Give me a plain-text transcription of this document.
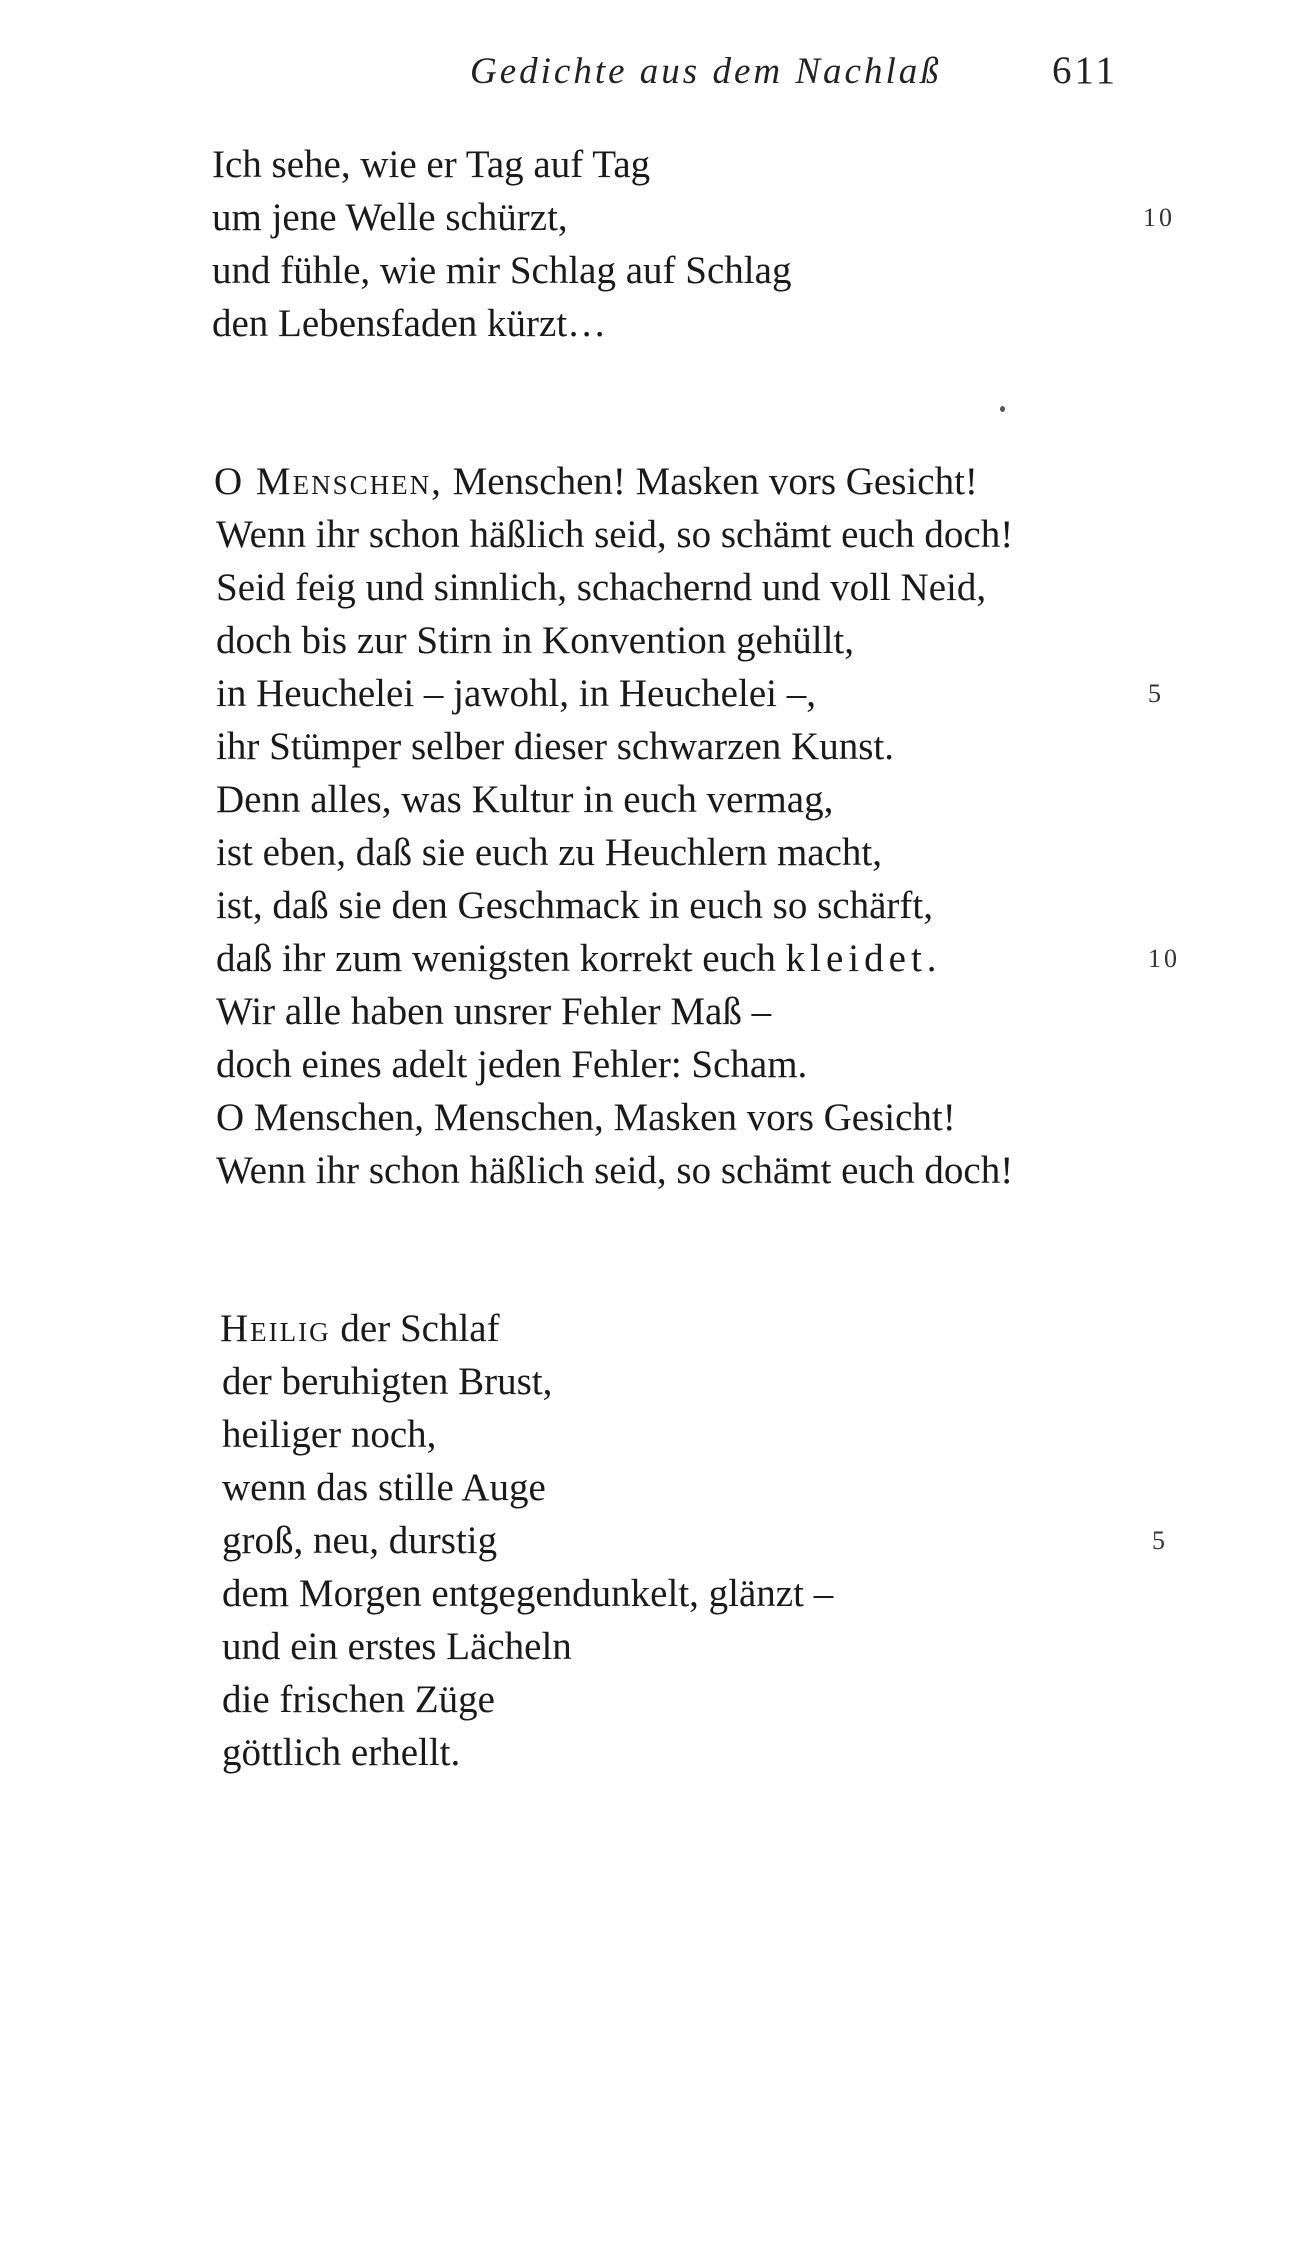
Gedichte aus dem Nachlaß	611
Ich sehe, wie er Tag auf Tag
um jene Welle schürzt,	10
und fühle, wie mir Schlag auf Schlag
den Lebensfaden kürzt…
O Menschen, Menschen! Masken vors Gesicht!
Wenn ihr schon häßlich seid, so schämt euch doch!
Seid feig und sinnlich, schachernd und voll Neid,
doch bis zur Stirn in Konvention gehüllt,
in Heuchelei – jawohl, in Heuchelei –,	5
ihr Stümper selber dieser schwarzen Kunst.
Denn alles, was Kultur in euch vermag,
ist eben, daß sie euch zu Heuchlern macht,
ist, daß sie den Geschmack in euch so schärft,
daß ihr zum wenigsten korrekt euch kleidet.	10
Wir alle haben unsrer Fehler Maß –
doch eines adelt jeden Fehler: Scham.
O Menschen, Menschen, Masken vors Gesicht!
Wenn ihr schon häßlich seid, so schämt euch doch!
Heilig der Schlaf
der beruhigten Brust,
heiliger noch,
wenn das stille Auge
groß, neu, durstig	5
dem Morgen entgegendunkelt, glänzt –
und ein erstes Lächeln
die frischen Züge
göttlich erhellt.
